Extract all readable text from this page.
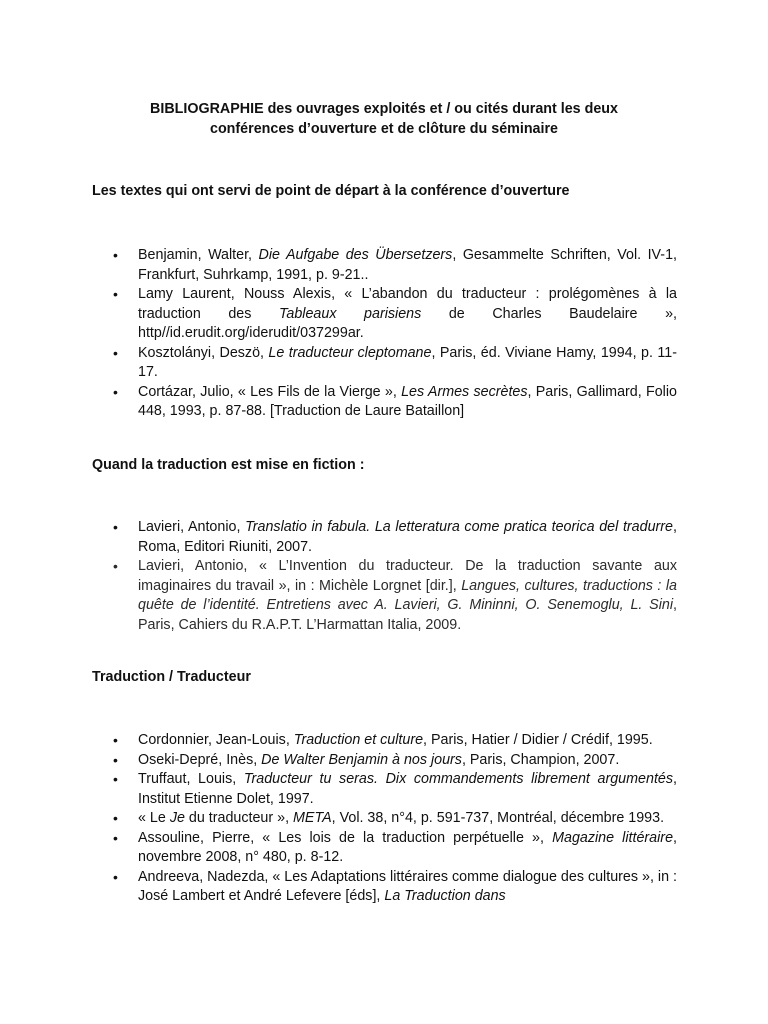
BIBLIOGRAPHIE des ouvrages exploités et / ou cités durant les deux
conférences d’ouverture et de clôture du séminaire
Les textes qui ont servi de point de départ à la conférence d’ouverture
• Benjamin, Walter, Die Aufgabe des Übersetzers, Gesammelte Schriften, Vol. IV-1, Frankfurt, Suhrkamp, 1991, p. 9-21..
• Lamy Laurent, Nouss Alexis, « L’abandon du traducteur : prolégomènes à la traduction des Tableaux parisiens de Charles Baudelaire », http//id.erudit.org/iderudit/037299ar.
• Kosztolányi, Deszö, Le traducteur cleptomane, Paris, éd. Viviane Hamy, 1994, p. 11-17.
• Cortázar, Julio, « Les Fils de la Vierge », Les Armes secrètes, Paris, Gallimard, Folio 448, 1993, p. 87-88. [Traduction de Laure Bataillon]
Quand la traduction est mise en fiction :
• Lavieri, Antonio, Translatio in fabula. La letteratura come pratica teorica del tradurre, Roma, Editori Riuniti, 2007.
• Lavieri, Antonio, « L’Invention du traducteur. De la traduction savante aux imaginaires du travail », in : Michèle Lorgnet [dir.], Langues, cultures, traductions : la quête de l’identité. Entretiens avec A. Lavieri, G. Mininni, O. Senemoglu, L. Sini, Paris, Cahiers du R.A.P.T. L’Harmattan Italia, 2009.
Traduction / Traducteur
• Cordonnier, Jean-Louis, Traduction et culture, Paris, Hatier / Didier / Crédif, 1995.
• Oseki-Depré, Inès, De Walter Benjamin à nos jours, Paris, Champion, 2007.
• Truffaut, Louis, Traducteur tu seras. Dix commandements librement argumentés, Institut Etienne Dolet, 1997.
• « Le Je du traducteur », META, Vol. 38, n°4, p. 591-737, Montréal, décembre 1993.
• Assouline, Pierre, « Les lois de la traduction perpétuelle », Magazine littéraire, novembre 2008, n° 480, p. 8-12.
• Andreeva, Nadezda, « Les Adaptations littéraires comme dialogue des cultures », in : José Lambert et André Lefevere [éds], La Traduction dans
